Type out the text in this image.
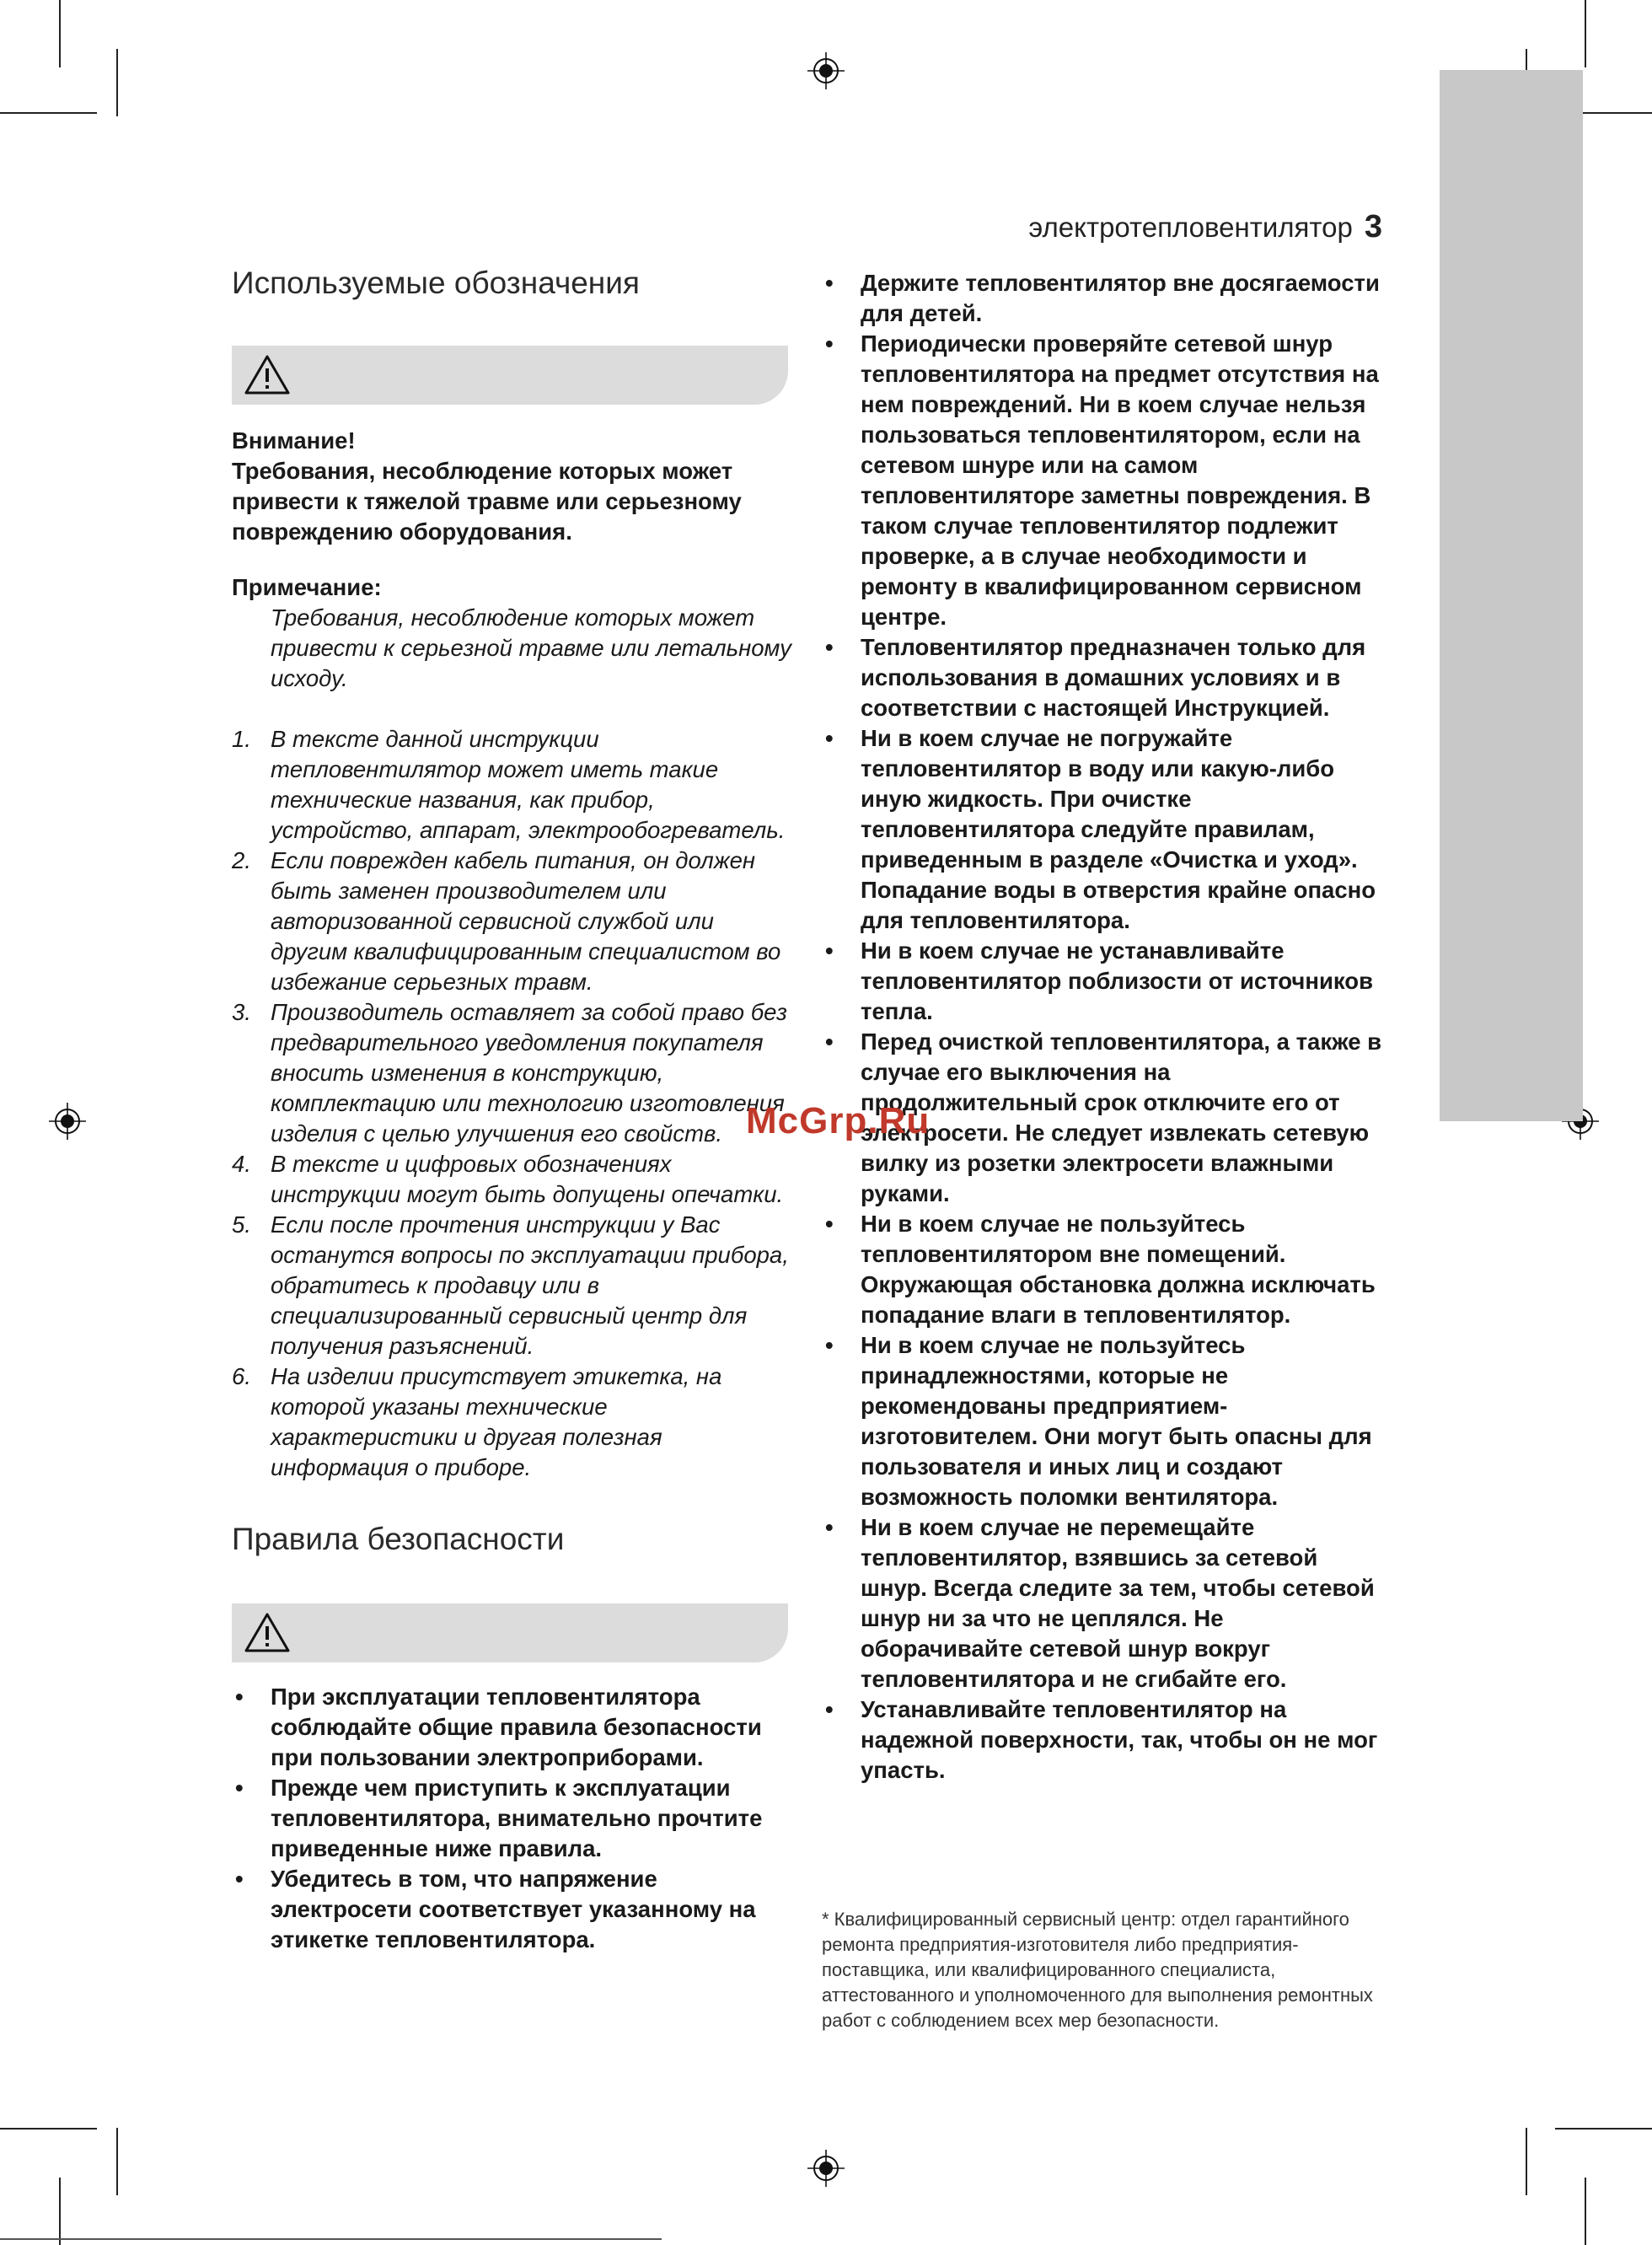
электротепловентилятор 3
Используемые обозначения

Внимание!

Требования, несоблюдение которых может привести к тяжелой травме или серьезному повреждению оборудования.

Примечание:

Требования, несоблюдение которых может привести к серьезной травме или летальному исходу.

1. В тексте данной инструкции тепловентилятор может иметь такие технические названия, как прибор, устройство, аппарат, электрообогреватель.
2. Если поврежден кабель питания, он должен быть заменен производителем или авторизованной сервисной службой или другим квалифицированным специалистом во избежание серьезных травм.
3. Производитель оставляет за собой право без предварительного уведомления покупателя вносить изменения в конструкцию, комплектацию или технологию изготовления изделия с целью улучшения его свойств.
4. В тексте и цифровых обозначениях инструкции могут быть допущены опечатки.
5. Если после прочтения инструкции у Вас останутся вопросы по эксплуатации прибора, обратитесь к продавцу или в специализированный сервисный центр для получения разъяснений.
6. На изделии присутствует этикетка, на которой указаны технические характеристики и другая полезная информация о приборе.
Правила безопасности
• При эксплуатации тепловентилятора соблюдайте общие правила безопасности при пользовании электроприборами.
• Прежде чем приступить к эксплуатации тепловентилятора, внимательно прочтите приведенные ниже правила.
• Убедитесь в том, что напряжение электросети соответствует указанному на этикетке тепловентилятора.
• Держите тепловентилятор вне досягаемости для детей.
• Периодически проверяйте сетевой шнур тепловентилятора на предмет отсутствия на нем повреждений. Ни в коем случае нельзя пользоваться тепловентилятором, если на сетевом шнуре или на самом тепловентиляторе заметны повреждения. В таком случае тепловентилятор подлежит проверке, а в случае необходимости и ремонту в квалифицированном сервисном центре.
• Тепловентилятор предназначен только для использования в домашних условиях и в соответствии с настоящей Инструкцией.
• Ни в коем случае не погружайте тепловентилятор в воду или какую-либо иную жидкость. При очистке тепловентилятора следуйте правилам, приведенным в разделе «Очистка и уход». Попадание воды в отверстия крайне опасно для тепловентилятора.
• Ни в коем случае не устанавливайте тепловентилятор поблизости от источников тепла.
• Перед очисткой тепловентилятора, а также в случае его выключения на продолжительный срок отключите его от электросети. Не следует извлекать сетевую вилку из розетки электросети влажными руками.
• Ни в коем случае не пользуйтесь тепловентилятором вне помещений. Окружающая обстановка должна исключать попадание влаги в тепловентилятор.
• Ни в коем случае не пользуйтесь принадлежностями, которые не рекомендованы предприятием-изготовителем. Они могут быть опасны для пользователя и иных лиц и создают возможность поломки вентилятора.
• Ни в коем случае не перемещайте тепловентилятор, взявшись за сетевой шнур. Всегда следите за тем, чтобы сетевой шнур ни за что не цеплялся. Не оборачивайте сетевой шнур вокруг тепловентилятора и не сгибайте его.
• Устанавливайте тепловентилятор на надежной поверхности, так, чтобы он не мог упасть.
* Квалифицированный сервисный центр: отдел гарантийного ремонта предприятия-изготовителя либо предприятия-поставщика, или квалифицированного специалиста, аттестованного и уполномоченного для выполнения ремонтных работ с соблюдением всех мер безопасности.
McGrp.Ru
